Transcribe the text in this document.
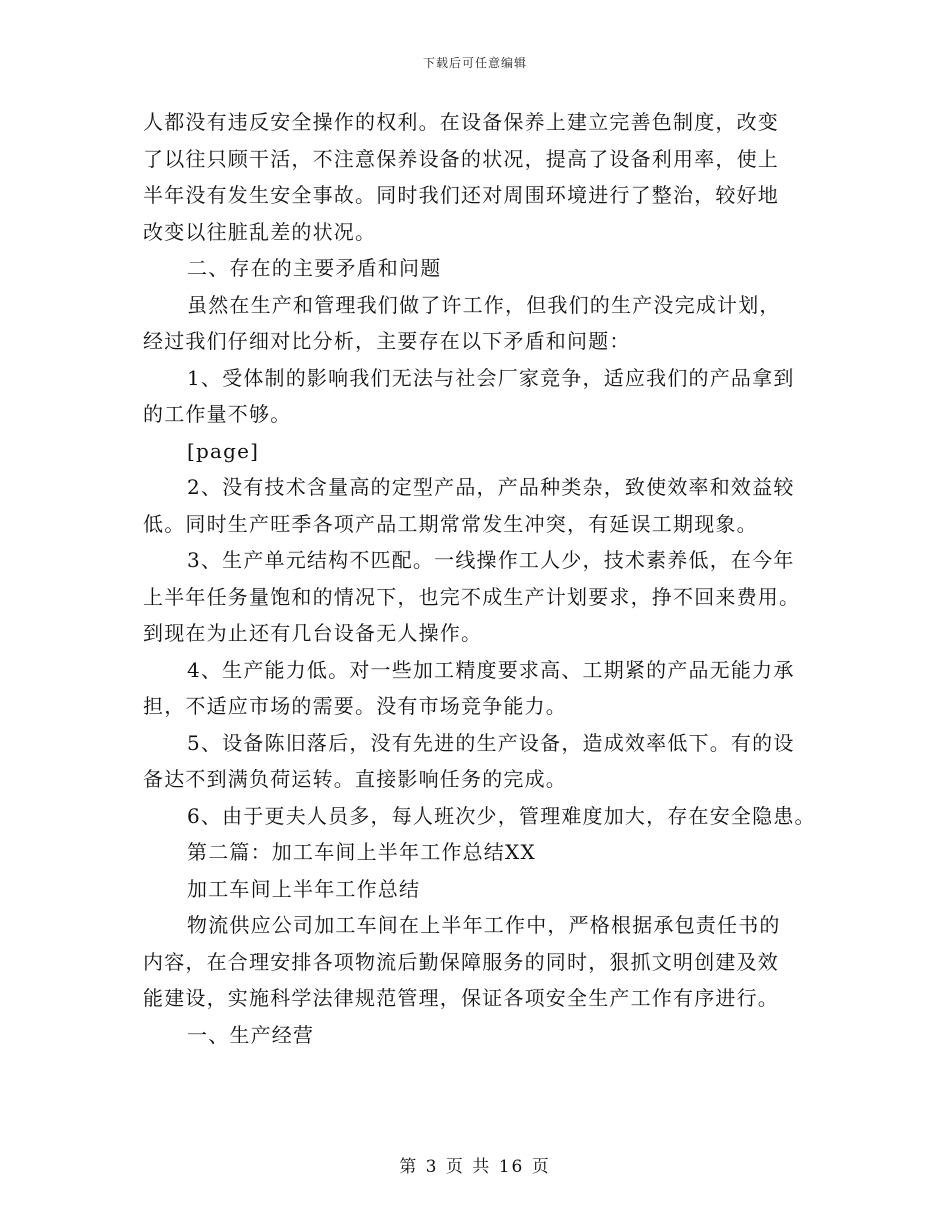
下载后可任意编辑
人都没有违反安全操作的权利。在设备保养上建立完善色制度，改变
了以往只顾干活，不注意保养设备的状况，提高了设备利用率，使上
半年没有发生安全事故。同时我们还对周围环境进行了整治，较好地
改变以往脏乱差的状况。
二、存在的主要矛盾和问题
虽然在生产和管理我们做了许工作，但我们的生产没完成计划，
经过我们仔细对比分析，主要存在以下矛盾和问题：
1、受体制的影响我们无法与社会厂家竞争，适应我们的产品拿到
的工作量不够。
[page]
2、没有技术含量高的定型产品，产品种类杂，致使效率和效益较
低。同时生产旺季各项产品工期常常发生冲突，有延误工期现象。
3、生产单元结构不匹配。一线操作工人少，技术素养低，在今年
上半年任务量饱和的情况下，也完不成生产计划要求，挣不回来费用。
到现在为止还有几台设备无人操作。
4、生产能力低。对一些加工精度要求高、工期紧的产品无能力承
担，不适应市场的需要。没有市场竞争能力。
5、设备陈旧落后，没有先进的生产设备，造成效率低下。有的设
备达不到满负荷运转。直接影响任务的完成。
6、由于更夫人员多，每人班次少，管理难度加大，存在安全隐患。
第二篇：加工车间上半年工作总结XX
加工车间上半年工作总结
物流供应公司加工车间在上半年工作中，严格根据承包责任书的
内容，在合理安排各项物流后勤保障服务的同时，狠抓文明创建及效
能建设，实施科学法律规范管理，保证各项安全生产工作有序进行。
一、生产经营
第 3 页 共 16 页
